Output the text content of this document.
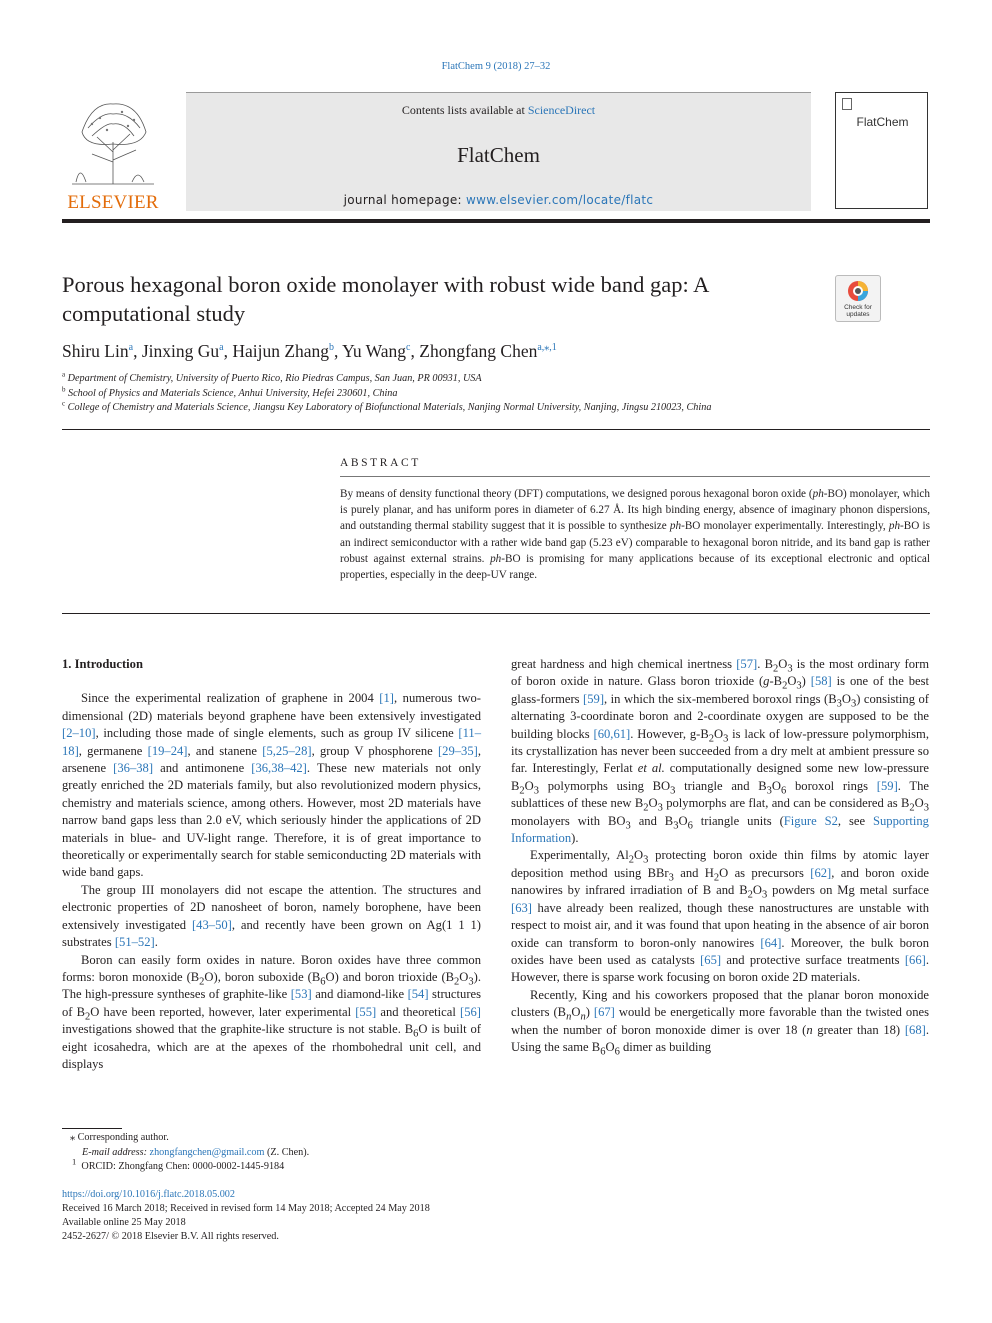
FlatChem 9 (2018) 27–32
ELSEVIER
Contents lists available at ScienceDirect
FlatChem
journal homepage: www.elsevier.com/locate/flatc
FlatChem
Porous hexagonal boron oxide monolayer with robust wide band gap: A
computational study	Check for
updates
Shiru Lin$^a$, Jinxing Gu$^a$, Haijun Zhang$^b$, Yu Wang$^c$, Zhongfang Chen$^{a,⁎,1}$
$^a$ Department of Chemistry, University of Puerto Rico, Rio Piedras Campus, San Juan, PR 00931, USA
$^b$ School of Physics and Materials Science, Anhui University, Hefei 230601, China
$^c$ College of Chemistry and Materials Science, Jiangsu Key Laboratory of Biofunctional Materials, Nanjing Normal University, Nanjing, Jingsu 210023, China
ABSTRACT
By means of density functional theory (DFT) computations, we designed porous hexagonal boron oxide (ph-BO) monolayer, which is purely planar, and has uniform pores in diameter of 6.27 Å. Its high binding energy, absence of imaginary phonon dispersions, and outstanding thermal stability suggest that it is possible to synthesize ph-BO monolayer experimentally. Interestingly, ph-BO is an indirect semiconductor with a rather wide band gap (5.23 eV) comparable to hexagonal boron nitride, and its band gap is rather robust against external strains. ph-BO is promising for many applications because of its exceptional electronic and optical properties, especially in the deep-UV range.

1. Introduction

Since the experimental realization of graphene in 2004 [1], numerous two-dimensional (2D) materials beyond graphene have been extensively investigated [2–10], including those made of single elements, such as group IV silicene [11–18], germanene [19–24], and stanene [5,25–28], group V phosphorene [29–35], arsenene [36–38] and antimonene [36,38–42]. These new materials not only greatly enriched the 2D materials family, but also revolutionized modern physics, chemistry and materials science, among others. However, most 2D materials have narrow band gaps less than 2.0 eV, which seriously hinder the applications of 2D materials in blue- and UV-light range. Therefore, it is of great importance to theoretically or experimentally search for stable semiconducting 2D materials with wide band gaps.

The group III monolayers did not escape the attention. The structures and electronic properties of 2D nanosheet of boron, namely borophene, have been extensively investigated [43–50], and recently have been grown on Ag(1 1 1) substrates [51–52].

Boron can easily form oxides in nature. Boron oxides have three common forms: boron monoxide $(B_2O)$, boron suboxide $(B_6O)$ and boron trioxide $(B_2O_3)$. The high-pressure syntheses of graphite-like [53] and diamond-like [54] structures of $B_2O$ have been reported, however, later experimental [55] and theoretical [56] investigations showed that the graphite-like structure is not stable. $B_6O$ is built of eight icosahedra, which are at the apexes of the rhombohedral unit cell, and displays

great hardness and high chemical inertness [57]. $B_2O_3$ is the most ordinary form of boron oxide in nature. Glass boron trioxide $(g-B_2O_3)$ [58] is one of the best glass-formers [59], in which the six-membered boroxol rings $(B_3O_3)$ consisting of alternating 3-coordinate boron and 2-coordinate oxygen are supposed to be the building blocks [60,61]. However, $g-B_2O_3$ is lack of low-pressure polymorphism, its crystallization has never been succeeded from a dry melt at ambient pressure so far. Interestingly, Ferlat et al. computationally designed some new low-pressure $B_2O_3$ polymorphs using $BO_3$ triangle and $B_3O_6$ boroxol rings [59]. The sublattices of these new $B_2O_3$ polymorphs are flat, and can be considered as $B_2O_3$ monolayers with $BO_3$ and $B_3O_6$ triangle units (Figure S2, see Supporting Information).

Experimentally, $Al_2O_3$ protecting boron oxide thin films by atomic layer deposition method using BBr$_3$ and $H_2O$ as precursors [62], and boron oxide nanowires by infrared irradiation of B and $B_2O_3$ powders on Mg metal surface [63] have already been realized, though these nanostructures are unstable with respect to moist air, and it was found that upon heating in the absence of air boron oxide can transform to boron-only nanowires [64]. Moreover, the bulk boron oxides have been used as catalysts [65] and protective surface treatments [66]. However, there is sparse work focusing on boron oxide 2D materials.

Recently, King and his coworkers proposed that the planar boron monoxide clusters $(B_nO_n)$ [67] would be energetically more favorable than the twisted ones when the number of boron monoxide dimer is over 18 (n greater than 18) [68]. Using the same $B_6O_6$ dimer as building

⁎ Corresponding author.
E-mail address: zhongfangchen@gmail.com (Z. Chen).
$^1$ ORCID: Zhongfang Chen: 0000-0002-1445-9184
https://doi.org/10.1016/j.flatc.2018.05.002
Received 16 March 2018; Received in revised form 14 May 2018; Accepted 24 May 2018
Available online 25 May 2018
2452-2627/ © 2018 Elsevier B.V. All rights reserved.
